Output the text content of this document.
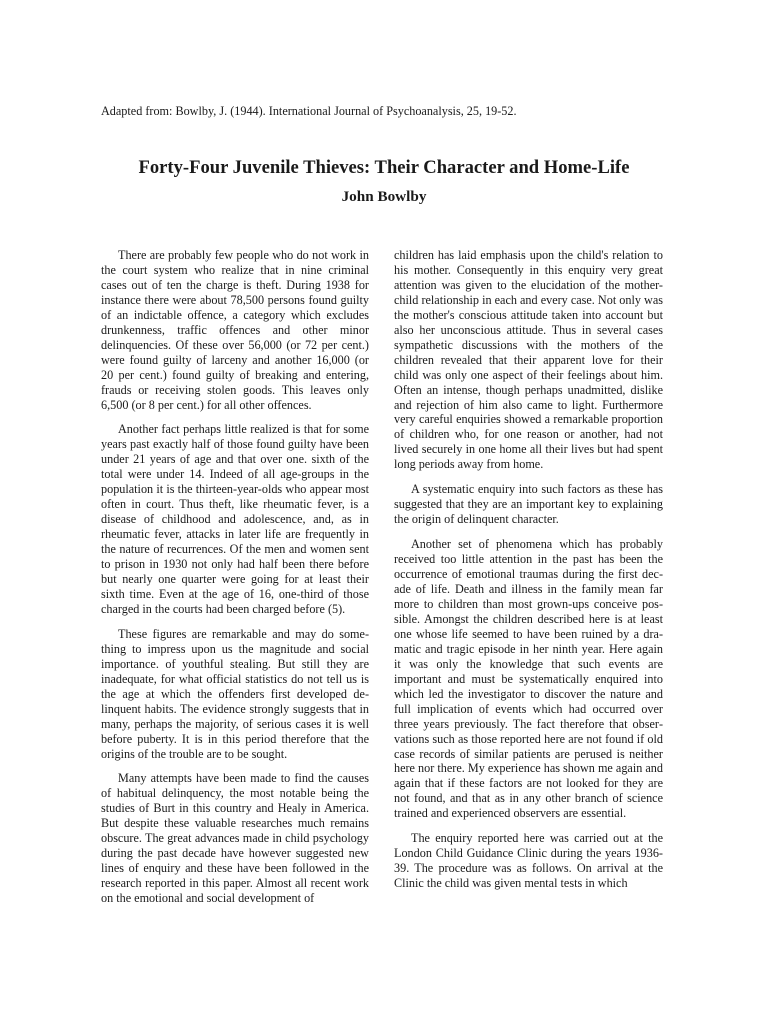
Adapted from: Bowlby, J. (1944). International Journal of Psychoanalysis, 25, 19-52.
Forty-Four Juvenile Thieves: Their Character and Home-Life
John Bowlby

There are probably few people who do not work in the court system who realize that in nine criminal cases out of ten the charge is theft. During 1938 for instance there were about 78,500 persons found guilty of an indictable offence, a category which excludes drunkenness, traffic offences and other minor delinquencies. Of these over 56,000 (or 72 per cent.) were found guilty of larceny and another 16,000 (or 20 per cent.) found guilty of breaking and entering, frauds or receiving stolen goods. This leaves only 6,500 (or 8 per cent.) for all other offences.

Another fact perhaps little realized is that for some years past exactly half of those found guilty have been under 21 years of age and that over one. sixth of the total were under 14. Indeed of all age-groups in the population it is the thirteen-year-olds who appear most often in court. Thus theft, like rheumatic fever, is a disease of childhood and adolescence, and, as in rheumatic fever, attacks in later life are frequently in the nature of recurrences. Of the men and women sent to prison in 1930 not only had half been there before but nearly one quarter were going for at least their sixth time. Even at the age of 16, one-third of those charged in the courts had been charged before (5).

These figures are remarkable and may do something to impress upon us the magnitude and social importance. of youthful stealing. But still they are inadequate, for what official statistics do not tell us is the age at which the offenders first developed delinquent habits. The evidence strongly suggests that in many, perhaps the majority, of serious cases it is well before puberty. It is in this period therefore that the origins of the trouble are to be sought.

Many attempts have been made to find the causes of habitual delinquency, the most notable being the studies of Burt in this country and Healy in America. But despite these valuable researches much remains obscure. The great advances made in child psychology during the past decade have however suggested new lines of enquiry and these have been followed in the research reported in this paper. Almost all recent work on the emotional and social development of

children has laid emphasis upon the child's relation to his mother. Consequently in this enquiry very great attention was given to the elucidation of the mother-child relationship in each and every case. Not only was the mother's conscious attitude taken into account but also her unconscious attitude. Thus in several cases sympathetic discussions with the mothers of the children revealed that their apparent love for their child was only one aspect of their feelings about him. Often an intense, though perhaps unadmitted, dislike and rejection of him also came to light. Furthermore very careful enquiries showed a remarkable proportion of children who, for one reason or another, had not lived securely in one home all their lives but had spent long periods away from home.

A systematic enquiry into such factors as these has suggested that they are an important key to explaining the origin of delinquent character.

Another set of phenomena which has probably received too little attention in the past has been the occurrence of emotional traumas during the first decade of life. Death and illness in the family mean far more to children than most grown-ups conceive possible. Amongst the children described here is at least one whose life seemed to have been ruined by a dramatic and tragic episode in her ninth year. Here again it was only the knowledge that such events are important and must be systematically enquired into which led the investigator to discover the nature and full implication of events which had occurred over three years previously. The fact therefore that observations such as those reported here are not found if old case records of similar patients are perused is neither here nor there. My experience has shown me again and again that if these factors are not looked for they are not found, and that as in any other branch of science trained and experienced observers are essential.

The enquiry reported here was carried out at the London Child Guidance Clinic during the years 1936-39. The procedure was as follows. On arrival at the Clinic the child was given mental tests in which
